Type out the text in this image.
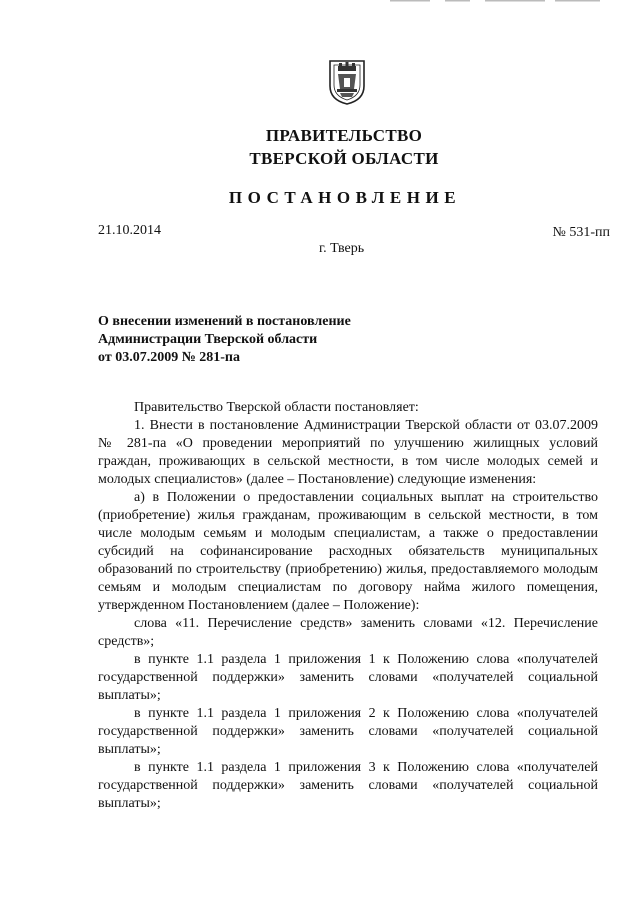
ПРАВИТЕЛЬСТВО
ТВЕРСКОЙ ОБЛАСТИ
ПОСТАНОВЛЕНИЕ
21.10.2014	№ 531-пп
г. Тверь
О внесении изменений в постановление
Администрации Тверской области
от 03.07.2009 № 281-па

Правительство Тверской области постановляет:

1. Внести в постановление Администрации Тверской области от 03.07.2009 № 281-па «О проведении мероприятий по улучшению жилищных условий граждан, проживающих в сельской местности, в том числе молодых семей и молодых специалистов» (далее – Постановление) следующие изменения:

а) в Положении о предоставлении социальных выплат на строительство (приобретение) жилья гражданам, проживающим в сельской местности, в том числе молодым семьям и молодым специалистам, а также о предоставлении субсидий на софинансирование расходных обязательств муниципальных образований по строительству (приобретению) жилья, предоставляемого молодым семьям и молодым специалистам по договору найма жилого помещения, утвержденном Постановлением (далее – Положение):

слова «11. Перечисление средств» заменить словами «12. Перечисление средств»;

в пункте 1.1 раздела 1 приложения 1 к Положению слова «получателей государственной поддержки» заменить словами «получателей социальной выплаты»;

в пункте 1.1 раздела 1 приложения 2 к Положению слова «получателей государственной поддержки» заменить словами «получателей социальной выплаты»;

в пункте 1.1 раздела 1 приложения 3 к Положению слова «получателей государственной поддержки» заменить словами «получателей социальной выплаты»;
